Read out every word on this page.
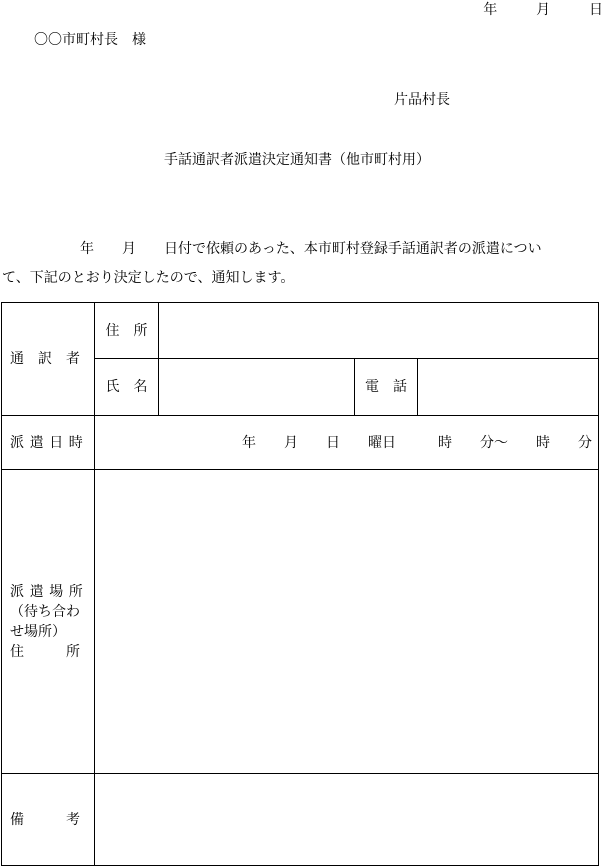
年	月	日
〇〇市町村長　様
片品村長
手話通訳者派遣決定通知書（他市町村用）
年　　月　　日付で依頼のあった、本市町村登録手話通訳者の派遣につい
て、下記のとおり決定したので、通知します。
通　訳　者	住　所			
	氏　名		電　話	
派遣日時	年　　月　　日　　曜日　　　時　　分～　　時　　分			

派遣場所
（待ち合わ
せ場所）
住　　　所				

備　　　考				
